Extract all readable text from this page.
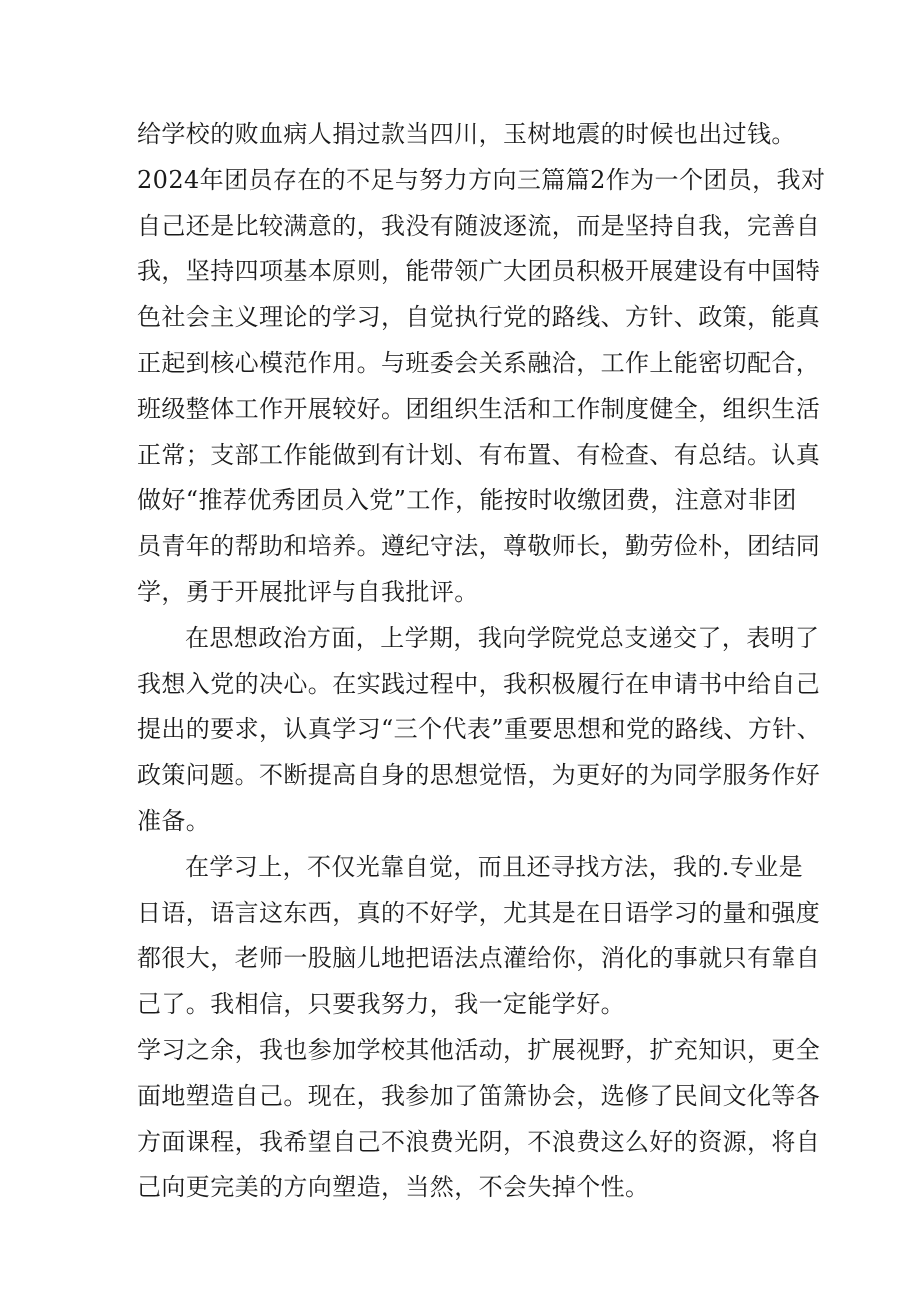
给学校的败血病人捐过款当四川，玉树地震的时候也出过钱。
2024年团员存在的不足与努力方向三篇篇2作为一个团员，我对
自己还是比较满意的，我没有随波逐流，而是坚持自我，完善自
我，坚持四项基本原则，能带领广大团员积极开展建设有中国特
色社会主义理论的学习，自觉执行党的路线、方针、政策，能真
正起到核心模范作用。与班委会关系融洽，工作上能密切配合，
班级整体工作开展较好。团组织生活和工作制度健全，组织生活
正常；支部工作能做到有计划、有布置、有检查、有总结。认真
做好“推荐优秀团员入党”工作，能按时收缴团费，注意对非团
员青年的帮助和培养。遵纪守法，尊敬师长，勤劳俭朴，团结同
学，勇于开展批评与自我批评。
在思想政治方面，上学期，我向学院党总支递交了，表明了
我想入党的决心。在实践过程中，我积极履行在申请书中给自己
提出的要求，认真学习“三个代表”重要思想和党的路线、方针、
政策问题。不断提高自身的思想觉悟，为更好的为同学服务作好
准备。
在学习上，不仅光靠自觉，而且还寻找方法，我的.专业是
日语，语言这东西，真的不好学，尤其是在日语学习的量和强度
都很大，老师一股脑儿地把语法点灌给你，消化的事就只有靠自
己了。我相信，只要我努力，我一定能学好。
学习之余，我也参加学校其他活动，扩展视野，扩充知识，更全
面地塑造自己。现在，我参加了笛箫协会，选修了民间文化等各
方面课程，我希望自己不浪费光阴，不浪费这么好的资源，将自
己向更完美的方向塑造，当然，不会失掉个性。
